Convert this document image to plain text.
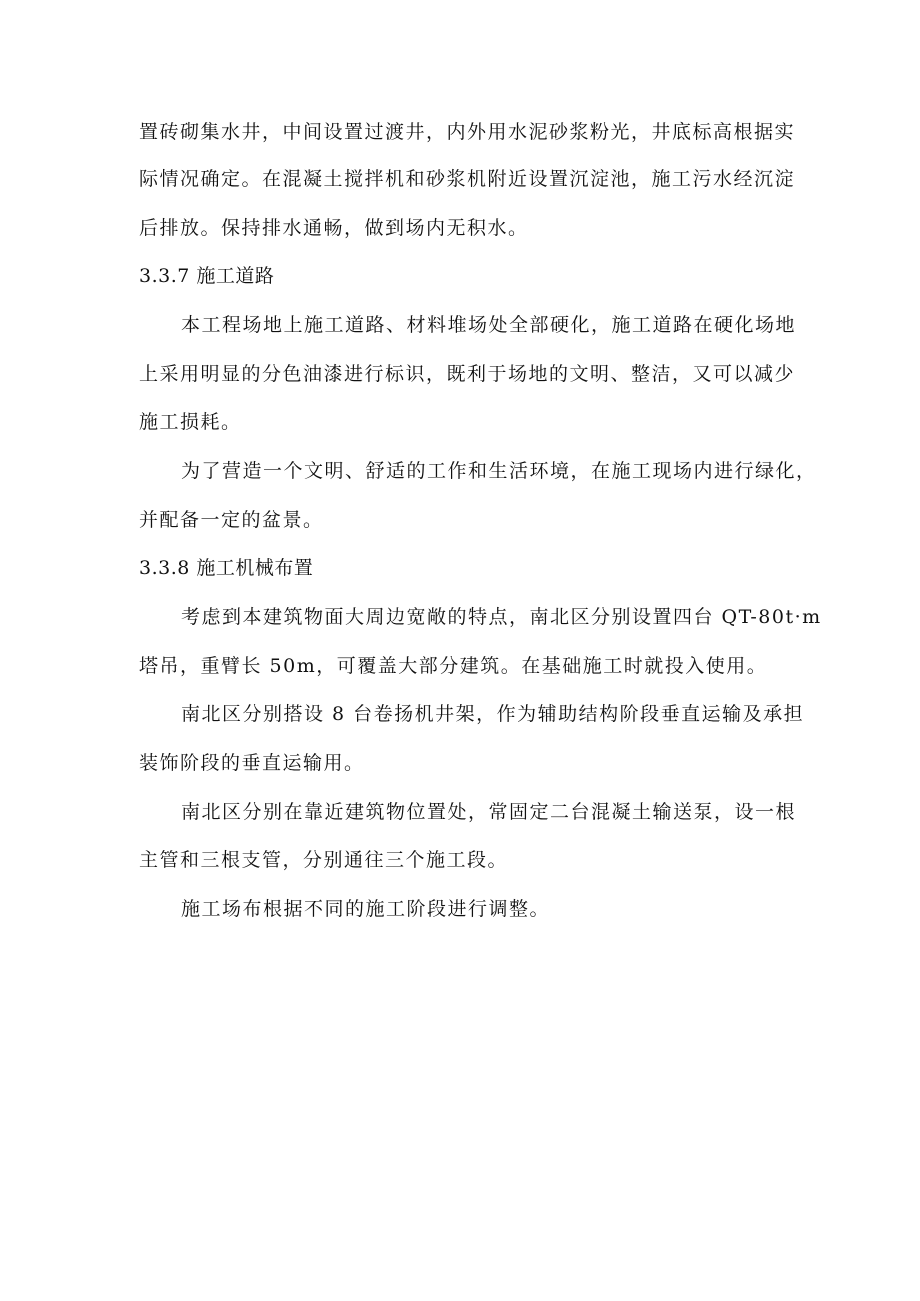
置砖砌集水井，中间设置过渡井，内外用水泥砂浆粉光，井底标高根据实
际情况确定。在混凝土搅拌机和砂浆机附近设置沉淀池，施工污水经沉淀
后排放。保持排水通畅，做到场内无积水。
3.3.7 施工道路
本工程场地上施工道路、材料堆场处全部硬化，施工道路在硬化场地
上采用明显的分色油漆进行标识，既利于场地的文明、整洁，又可以减少
施工损耗。
为了营造一个文明、舒适的工作和生活环境，在施工现场内进行绿化，
并配备一定的盆景。
3.3.8 施工机械布置
考虑到本建筑物面大周边宽敞的特点，南北区分别设置四台 QT-80t·m
塔吊，重臂长 50m，可覆盖大部分建筑。在基础施工时就投入使用。
南北区分别搭设 8 台卷扬机井架，作为辅助结构阶段垂直运输及承担
装饰阶段的垂直运输用。
南北区分别在靠近建筑物位置处，常固定二台混凝土输送泵，设一根
主管和三根支管，分别通往三个施工段。
施工场布根据不同的施工阶段进行调整。
